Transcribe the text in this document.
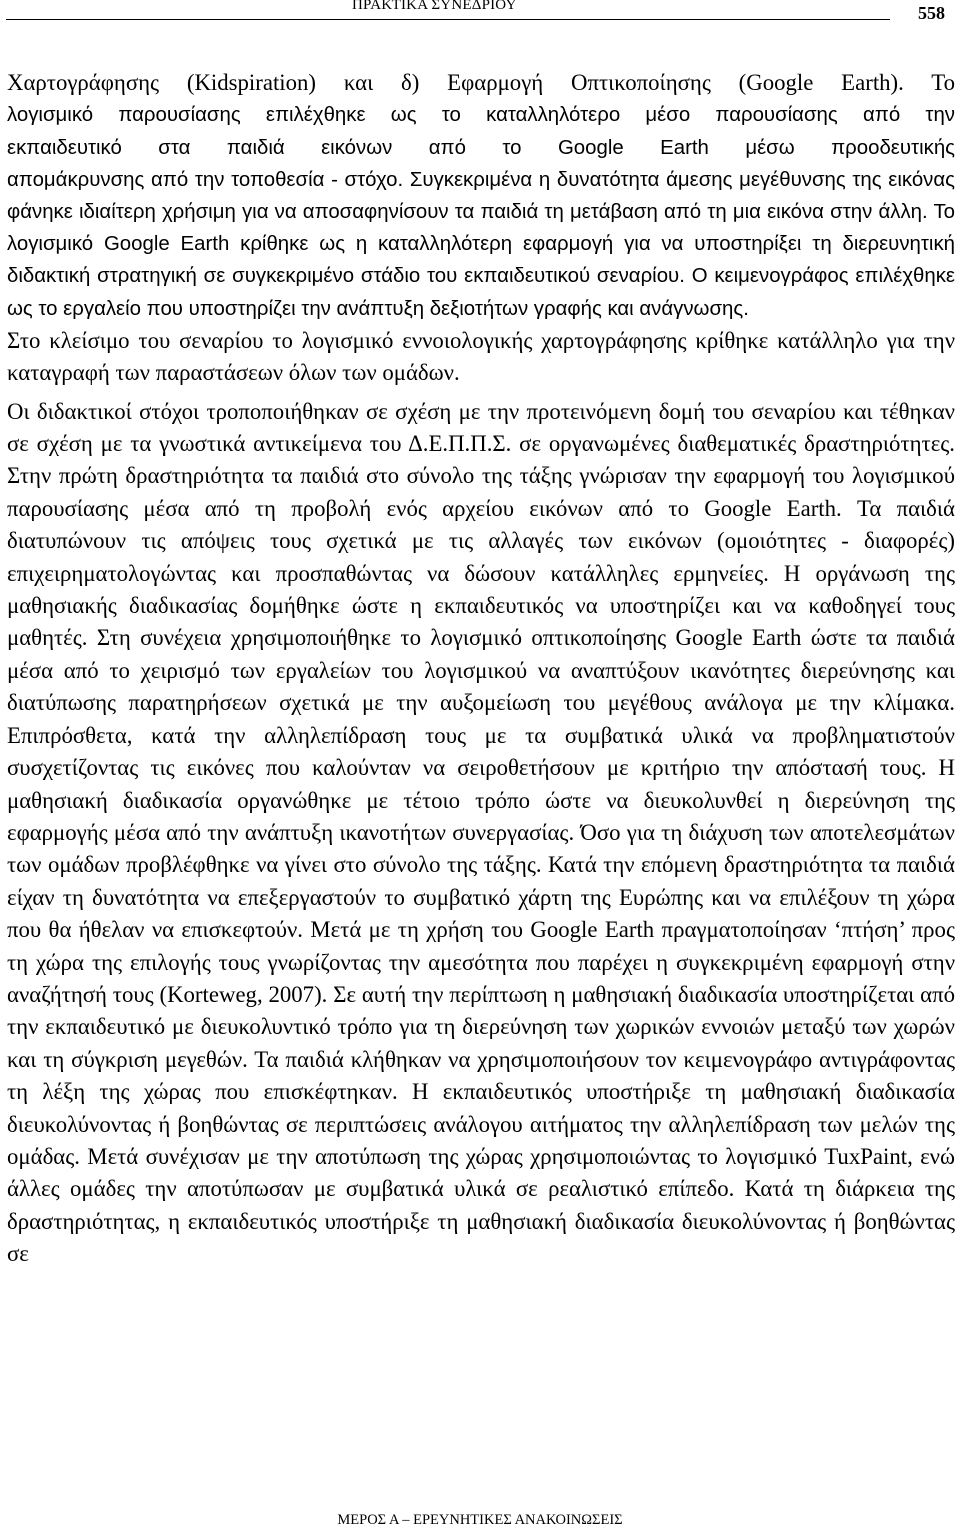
ΠΡΑΚΤΙΚΑ ΣΥΝΕΔΡΙΟΥ	558
Χαρτογράφησης (Kidspiration) και δ) Εφαρμογή Οπτικοποίησης (Google Earth). Το
λογισμικό παρουσίασης επιλέχθηκε ως το καταλληλότερο μέσο παρουσίασης από την
εκπαιδευτικό στα παιδιά εικόνων από το Google Earth μέσω προοδευτικής
απομάκρυνσης από την τοποθεσία - στόχο. Συγκεκριμένα η δυνατότητα άμεσης μεγέθυνσης της εικόνας φάνηκε ιδιαίτερη χρήσιμη για να αποσαφηνίσουν τα παιδιά τη μετάβαση από τη μια εικόνα στην άλλη. Το λογισμικό Google Earth κρίθηκε ως η καταλληλότερη εφαρμογή για να υποστηρίξει τη διερευνητική διδακτική στρατηγική σε συγκεκριμένο στάδιο του εκπαιδευτικού σεναρίου. Ο κειμενογράφος επιλέχθηκε ως το εργαλείο που υποστηρίζει την ανάπτυξη δεξιοτήτων γραφής και ανάγνωσης.

Στο κλείσιμο του σεναρίου το λογισμικό εννοιολογικής χαρτογράφησης κρίθηκε κατάλληλο για την καταγραφή των παραστάσεων όλων των ομάδων.

Οι διδακτικοί στόχοι τροποποιήθηκαν σε σχέση με την προτεινόμενη δομή του σεναρίου και τέθηκαν σε σχέση με τα γνωστικά αντικείμενα του Δ.Ε.Π.Π.Σ. σε οργανωμένες διαθεματικές δραστηριότητες. Στην πρώτη δραστηριότητα τα παιδιά στο σύνολο της τάξης γνώρισαν την εφαρμογή του λογισμικού παρουσίασης μέσα από τη προβολή ενός αρχείου εικόνων από το Google Earth. Τα παιδιά διατυπώνουν τις απόψεις τους σχετικά με τις αλλαγές των εικόνων (ομοιότητες - διαφορές) επιχειρηματολογώντας και προσπαθώντας να δώσουν κατάλληλες ερμηνείες. Η οργάνωση της μαθησιακής διαδικασίας δομήθηκε ώστε η εκπαιδευτικός να υποστηρίζει και να καθοδηγεί τους μαθητές. Στη συνέχεια χρησιμοποιήθηκε το λογισμικό οπτικοποίησης Google Earth ώστε τα παιδιά μέσα από το χειρισμό των εργαλείων του λογισμικού να αναπτύξουν ικανότητες διερεύνησης και διατύπωσης παρατηρήσεων σχετικά με την αυξομείωση του μεγέθους ανάλογα με την κλίμακα. Επιπρόσθετα, κατά την αλληλεπίδραση τους με τα συμβατικά υλικά να προβληματιστούν συσχετίζοντας τις εικόνες που καλούνταν να σειροθετήσουν με κριτήριο την απόστασή τους. Η μαθησιακή διαδικασία οργανώθηκε με τέτοιο τρόπο ώστε να διευκολυνθεί η διερεύνηση της εφαρμογής μέσα από την ανάπτυξη ικανοτήτων συνεργασίας. Όσο για τη διάχυση των αποτελεσμάτων των ομάδων προβλέφθηκε να γίνει στο σύνολο της τάξης. Κατά την επόμενη δραστηριότητα τα παιδιά είχαν τη δυνατότητα να επεξεργαστούν το συμβατικό χάρτη της Ευρώπης και να επιλέξουν τη χώρα που θα ήθελαν να επισκεφτούν. Μετά με τη χρήση του Google Earth πραγματοποίησαν ‘πτήση’ προς τη χώρα της επιλογής τους γνωρίζοντας την αμεσότητα που παρέχει η συγκεκριμένη εφαρμογή στην αναζήτησή τους (Korteweg, 2007). Σε αυτή την περίπτωση η μαθησιακή διαδικασία υποστηρίζεται από την εκπαιδευτικό με διευκολυντικό τρόπο για τη διερεύνηση των χωρικών εννοιών μεταξύ των χωρών και τη σύγκριση μεγεθών. Τα παιδιά κλήθηκαν να χρησιμοποιήσουν τον κειμενογράφο αντιγράφοντας τη λέξη της χώρας που επισκέφτηκαν. Η εκπαιδευτικός υποστήριξε τη μαθησιακή διαδικασία διευκολύνοντας ή βοηθώντας σε περιπτώσεις ανάλογου αιτήματος την αλληλεπίδραση των μελών της ομάδας. Μετά συνέχισαν με την αποτύπωση της χώρας χρησιμοποιώντας το λογισμικό TuxPaint, ενώ άλλες ομάδες την αποτύπωσαν με συμβατικά υλικά σε ρεαλιστικό επίπεδο. Κατά τη διάρκεια της δραστηριότητας, η εκπαιδευτικός υποστήριξε τη μαθησιακή διαδικασία διευκολύνοντας ή βοηθώντας σε

ΜΕΡΟΣ Α – ΕΡΕΥΝΗΤΙΚΕΣ ΑΝΑΚΟΙΝΩΣΕΙΣ
